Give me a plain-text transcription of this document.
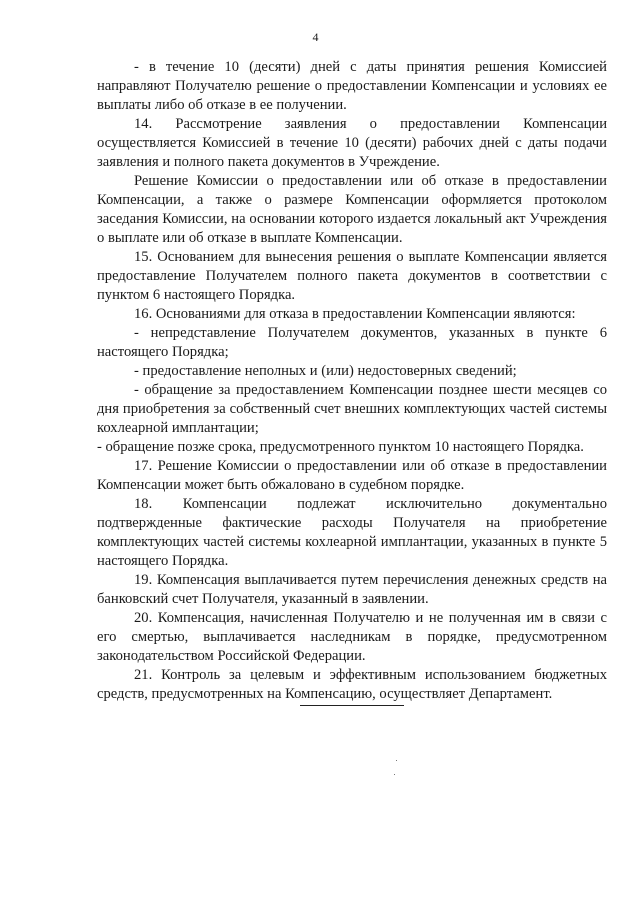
4

- в течение 10 (десяти) дней с даты принятия решения Комиссией направляют Получателю решение о предоставлении Компенсации и условиях ее выплаты либо об отказе в ее получении.

14. Рассмотрение заявления о предоставлении Компенсации осуществляется Комиссией в течение 10 (десяти) рабочих дней с даты подачи заявления и полного пакета документов в Учреждение.

Решение Комиссии о предоставлении или об отказе в предоставлении Компенсации, а также о размере Компенсации оформляется протоколом заседания Комиссии, на основании которого издается локальный акт Учреждения о выплате или об отказе в выплате Компенсации.

15. Основанием для вынесения решения о выплате Компенсации является предоставление Получателем полного пакета документов в соответствии с пунктом 6 настоящего Порядка.

16. Основаниями для отказа в предоставлении Компенсации являются:

- непредставление Получателем документов, указанных в пункте 6 настоящего Порядка;

- предоставление неполных и (или) недостоверных сведений;

- обращение за предоставлением Компенсации позднее шести месяцев со дня приобретения за собственный счет внешних комплектующих частей системы кохлеарной имплантации;

- обращение позже срока, предусмотренного пунктом 10 настоящего Порядка.

17. Решение Комиссии о предоставлении или об отказе в предоставлении Компенсации может быть обжаловано в судебном порядке.

18. Компенсации подлежат исключительно документально подтвержденные фактические расходы Получателя на приобретение комплектующих частей системы кохлеарной имплантации, указанных в пункте 5 настоящего Порядка.

19. Компенсация выплачивается путем перечисления денежных средств на банковский счет Получателя, указанный в заявлении.

20. Компенсация, начисленная Получателю и не полученная им в связи с его смертью, выплачивается наследникам в порядке, предусмотренном законодательством Российской Федерации.

21. Контроль за целевым и эффективным использованием бюджетных средств, предусмотренных на Компенсацию, осуществляет Департамент.
